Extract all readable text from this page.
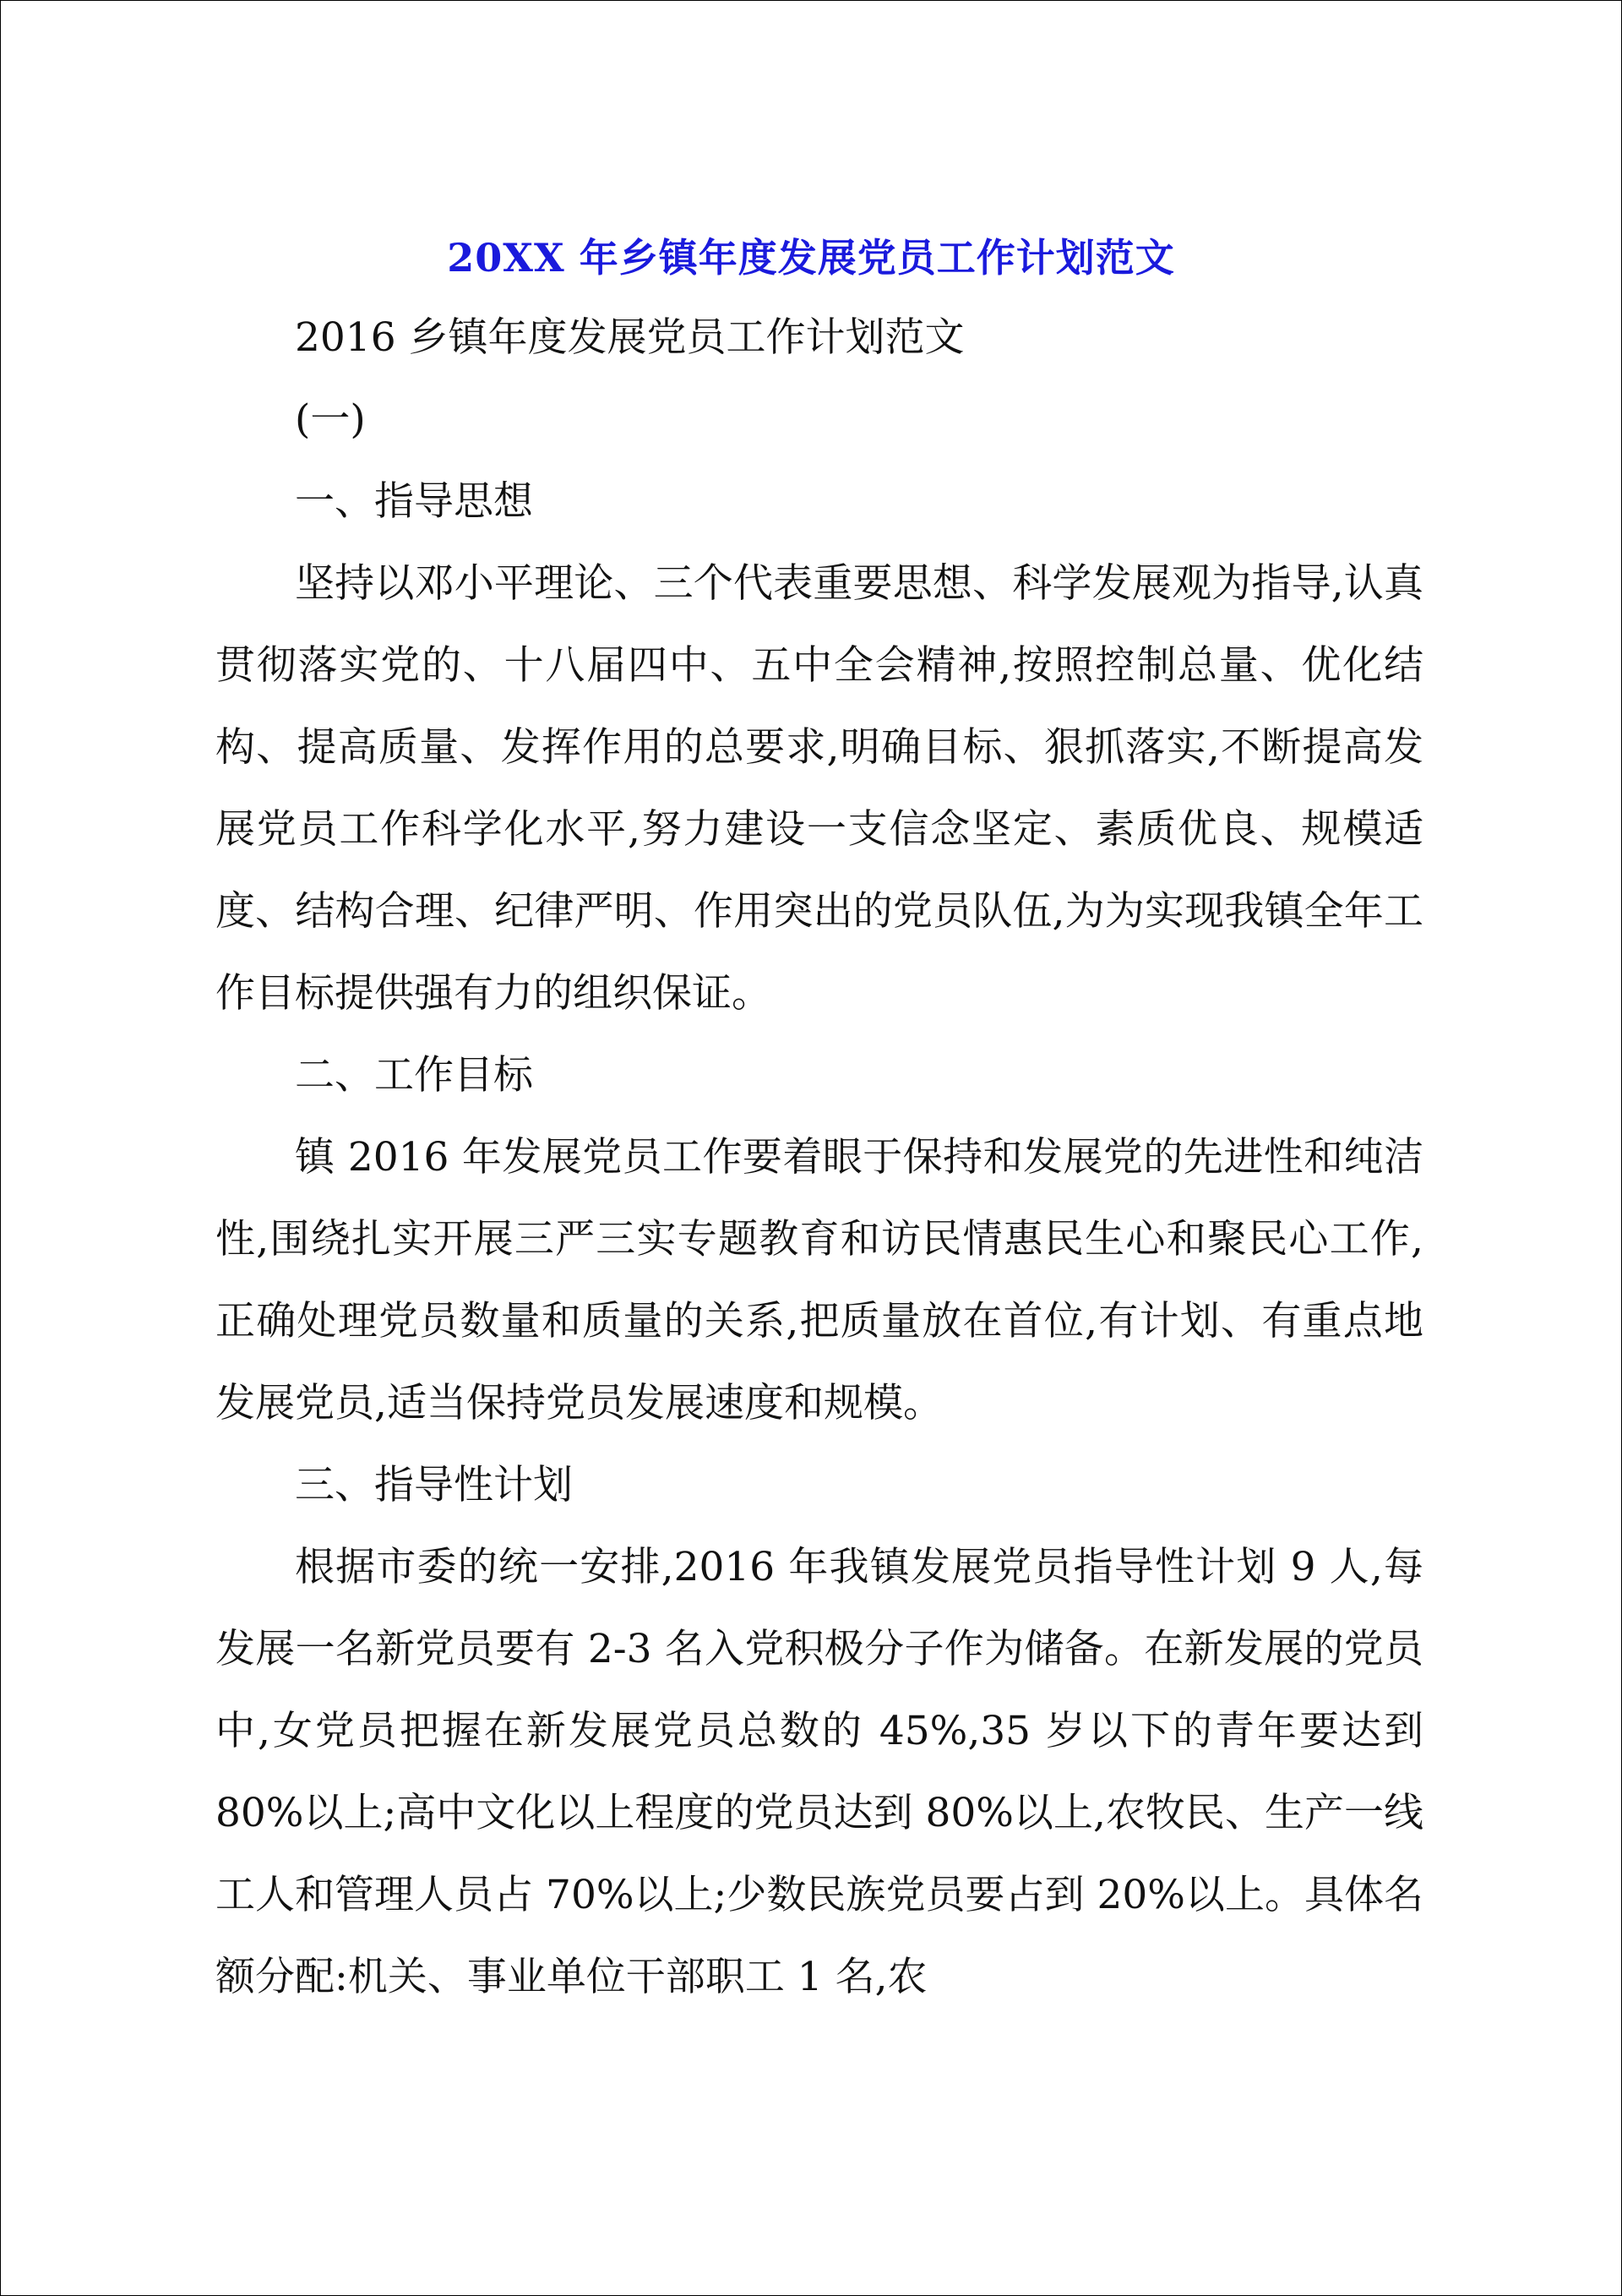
20XX 年乡镇年度发展党员工作计划范文

2016 乡镇年度发展党员工作计划范文

(一)

一、指导思想

坚持以邓小平理论、三个代表重要思想、科学发展观为指导,认真贯彻落实党的、十八届四中、五中全会精神,按照控制总量、优化结构、提高质量、发挥作用的总要求,明确目标、狠抓落实,不断提高发展党员工作科学化水平,努力建设一支信念坚定、素质优良、规模适度、结构合理、纪律严明、作用突出的党员队伍,为为实现我镇全年工作目标提供强有力的组织保证。

二、工作目标

镇 2016 年发展党员工作要着眼于保持和发展党的先进性和纯洁性,围绕扎实开展三严三实专题教育和访民情惠民生心和聚民心工作,正确处理党员数量和质量的关系,把质量放在首位,有计划、有重点地发展党员,适当保持党员发展速度和规模。

三、指导性计划

根据市委的统一安排,2016 年我镇发展党员指导性计划 9 人,每发展一名新党员要有 2-3 名入党积极分子作为储备。在新发展的党员中,女党员把握在新发展党员总数的 45%,35 岁以下的青年要达到 80%以上;高中文化以上程度的党员达到 80%以上,农牧民、生产一线工人和管理人员占 70%以上;少数民族党员要占到 20%以上。具体名额分配:机关、事业单位干部职工 1 名,农
